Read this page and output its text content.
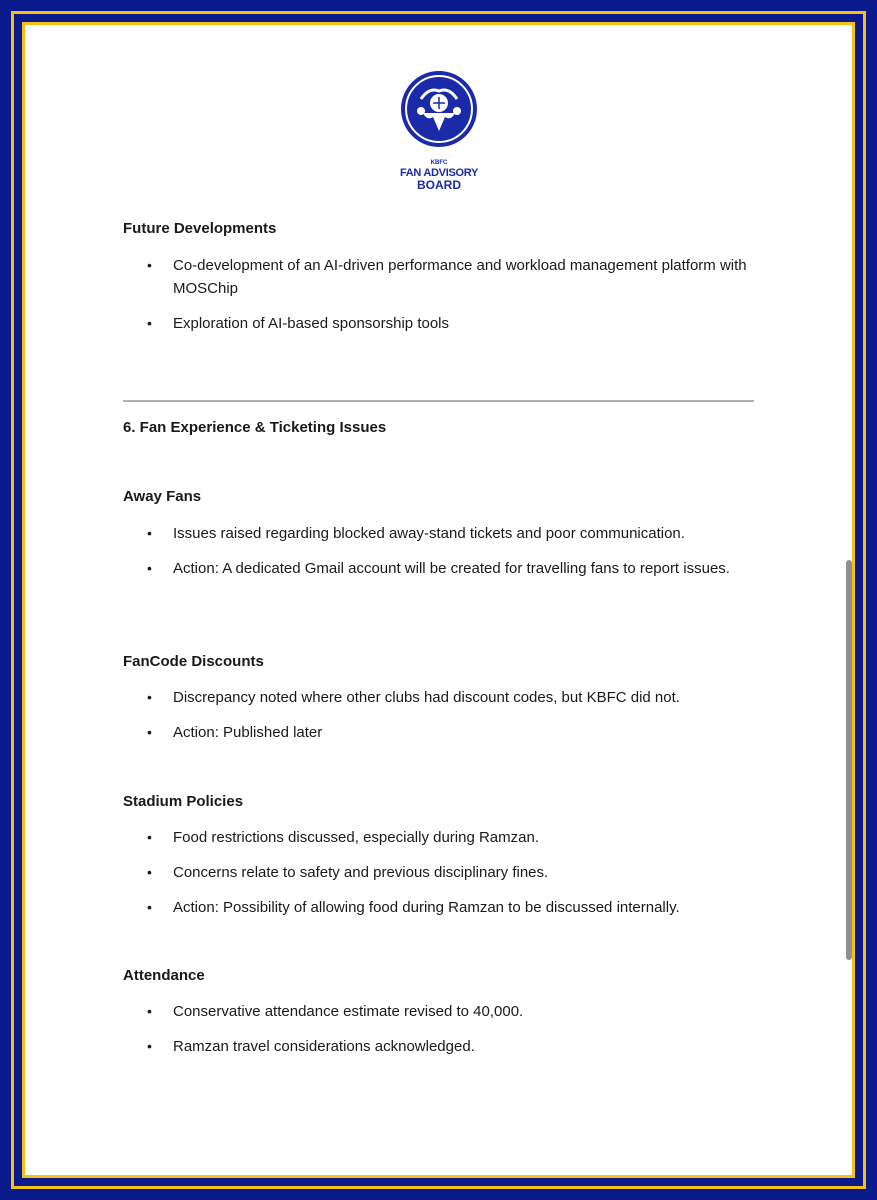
KBFC
FAN ADVISORY
BOARD
Future Developments
• Co-development of an AI-driven performance and workload management platform with MOSChip
• Exploration of AI-based sponsorship tools
6. Fan Experience & Ticketing Issues
Away Fans
• Issues raised regarding blocked away-stand tickets and poor communication.
• Action: A dedicated Gmail account will be created for travelling fans to report issues.
FanCode Discounts
• Discrepancy noted where other clubs had discount codes, but KBFC did not.
• Action: Published later
Stadium Policies
• Food restrictions discussed, especially during Ramzan.
• Concerns relate to safety and previous disciplinary fines.
• Action: Possibility of allowing food during Ramzan to be discussed internally.
Attendance
• Conservative attendance estimate revised to 40,000.
• Ramzan travel considerations acknowledged.
